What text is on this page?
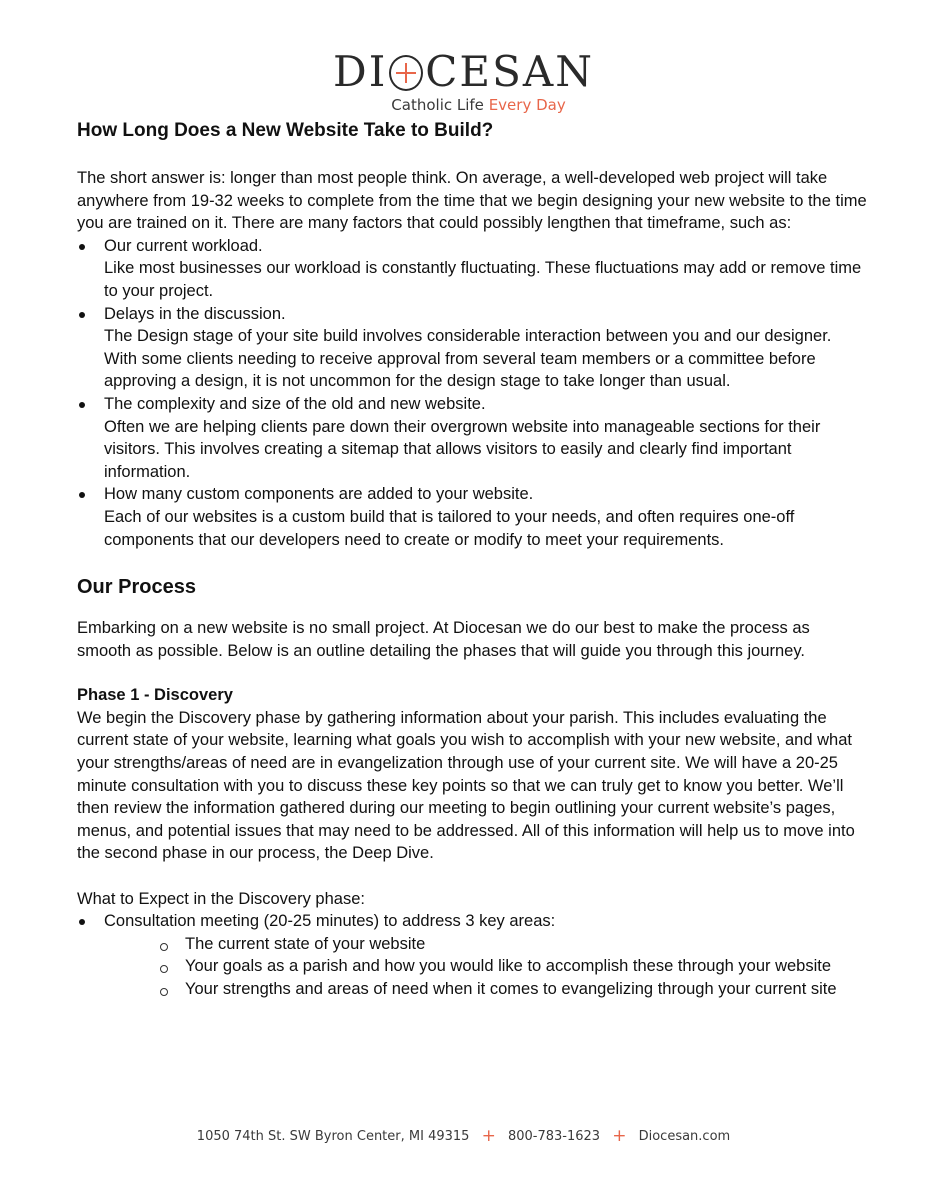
DI CESAN
Catholic Life Every Day
How Long Does a New Website Take to Build?

The short answer is: longer than most people think. On average, a well-developed web project will take anywhere from 19-32 weeks to complete from the time that we begin designing your new website to the time you are trained on it. There are many factors that could possibly lengthen that timeframe, such as:

Our current workload.
Like most businesses our workload is constantly fluctuating. These fluctuations may add or remove time to your project.
Delays in the discussion.
The Design stage of your site build involves considerable interaction between you and our designer. With some clients needing to receive approval from several team members or a committee before approving a design, it is not uncommon for the design stage to take longer than usual.
The complexity and size of the old and new website.
Often we are helping clients pare down their overgrown website into manageable sections for their visitors. This involves creating a sitemap that allows visitors to easily and clearly find important information.
How many custom components are added to your website.
Each of our websites is a custom build that is tailored to your needs, and often requires one-off components that our developers need to create or modify to meet your requirements.
Our Process

Embarking on a new website is no small project. At Diocesan we do our best to make the process as smooth as possible. Below is an outline detailing the phases that will guide you through this journey.

Phase 1 - Discovery

We begin the Discovery phase by gathering information about your parish. This includes evaluating the current state of your website, learning what goals you wish to accomplish with your new website, and what your strengths/areas of need are in evangelization through use of your current site. We will have a 20-25 minute consultation with you to discuss these key points so that we can truly get to know you better. We’ll then review the information gathered during our meeting to begin outlining your current website’s pages, menus, and potential issues that may need to be addressed. All of this information will help us to move into the second phase in our process, the Deep Dive.

What to Expect in the Discovery phase:

Consultation meeting (20-25 minutes) to address 3 key areas:
The current state of your website
Your goals as a parish and how you would like to accomplish these through your website
Your strengths and areas of need when it comes to evangelizing through your current site
1050 74th St. SW Byron Center, MI 49315 + 800-783-1623 + Diocesan.com
